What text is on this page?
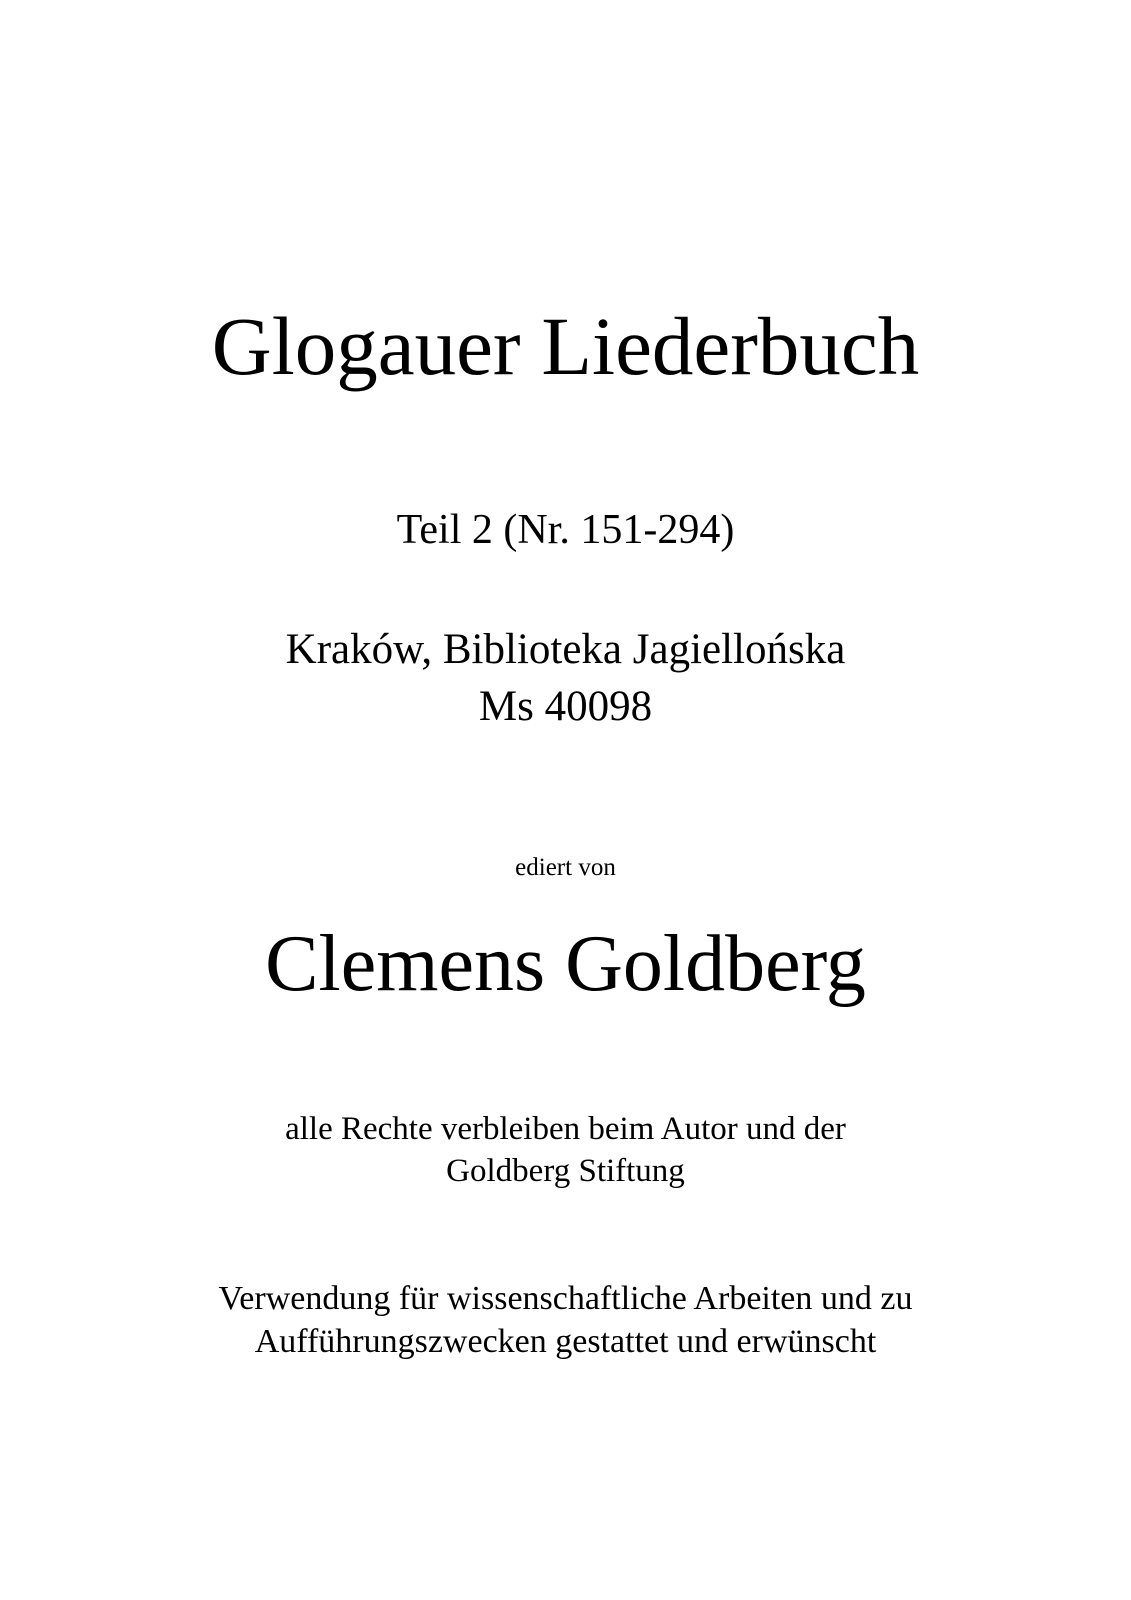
Glogauer Liederbuch
Teil 2 (Nr. 151-294)
Kraków, Biblioteka Jagiellońska
Ms 40098
ediert von
Clemens Goldberg
alle Rechte verbleiben beim Autor und der
Goldberg Stiftung
Verwendung für wissenschaftliche Arbeiten und zu
Aufführungszwecken gestattet und erwünscht
